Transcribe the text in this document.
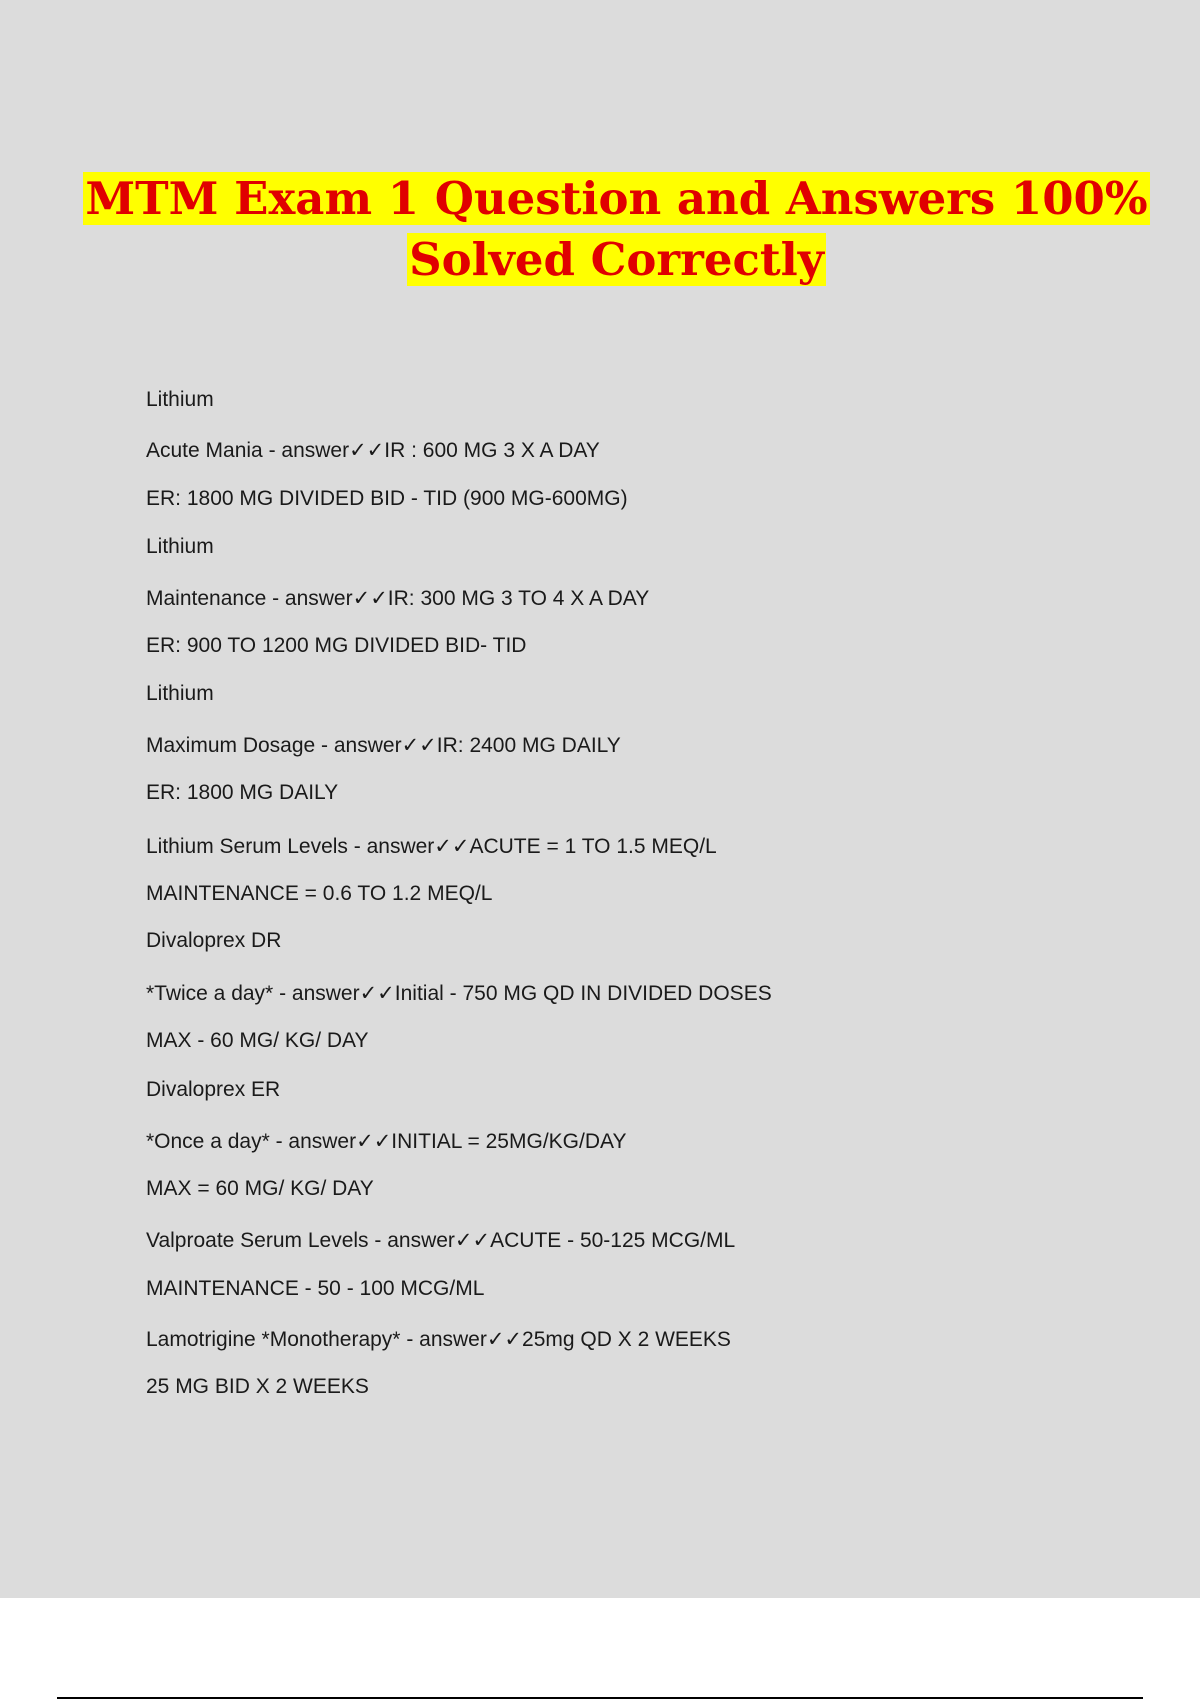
MTM Exam 1 Question and Answers 100%
Solved Correctly
Lithium
Acute Mania - answer✓✓IR : 600 MG 3 X A DAY
ER: 1800 MG DIVIDED BID - TID (900 MG-600MG)
Lithium
Maintenance - answer✓✓IR: 300 MG 3 TO 4 X A DAY
ER: 900 TO 1200 MG DIVIDED BID- TID
Lithium
Maximum Dosage - answer✓✓IR: 2400 MG DAILY
ER: 1800 MG DAILY
Lithium Serum Levels - answer✓✓ACUTE = 1 TO 1.5 MEQ/L
MAINTENANCE = 0.6 TO 1.2 MEQ/L
Divaloprex DR
*Twice a day* - answer✓✓Initial - 750 MG QD IN DIVIDED DOSES
MAX - 60 MG/ KG/ DAY
Divaloprex ER
*Once a day* - answer✓✓INITIAL = 25MG/KG/DAY
MAX = 60 MG/ KG/ DAY
Valproate Serum Levels - answer✓✓ACUTE - 50-125 MCG/ML
MAINTENANCE - 50 - 100 MCG/ML
Lamotrigine *Monotherapy* - answer✓✓25mg QD X 2 WEEKS
25 MG BID X 2 WEEKS
